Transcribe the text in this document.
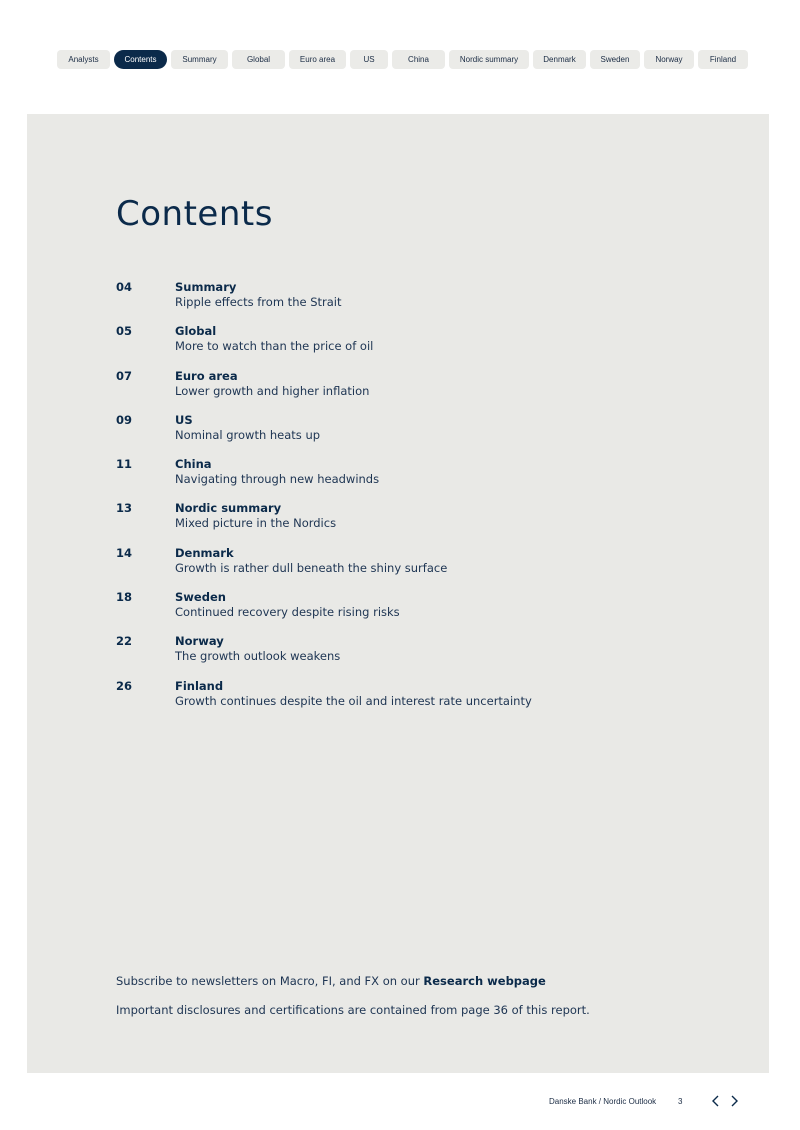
Analysts	Contents	Summary	Global	Euro area	US	China	Nordic summary	Denmark	Sweden	Norway	Finland
Contents
04	Summary
Ripple effects from the Strait
05	Global
More to watch than the price of oil
07	Euro area
Lower growth and higher inflation
09	US
Nominal growth heats up
11	China
Navigating through new headwinds
13	Nordic summary
Mixed picture in the Nordics
14	Denmark
Growth is rather dull beneath the shiny surface
18	Sweden
Continued recovery despite rising risks
22	Norway
The growth outlook weakens
26	Finland
Growth continues despite the oil and interest rate uncertainty

Subscribe to newsletters on Macro, FI, and FX on our Research webpage

Important disclosures and certifications are contained from page 36 of this report.

Danske Bank / Nordic Outlook	3
